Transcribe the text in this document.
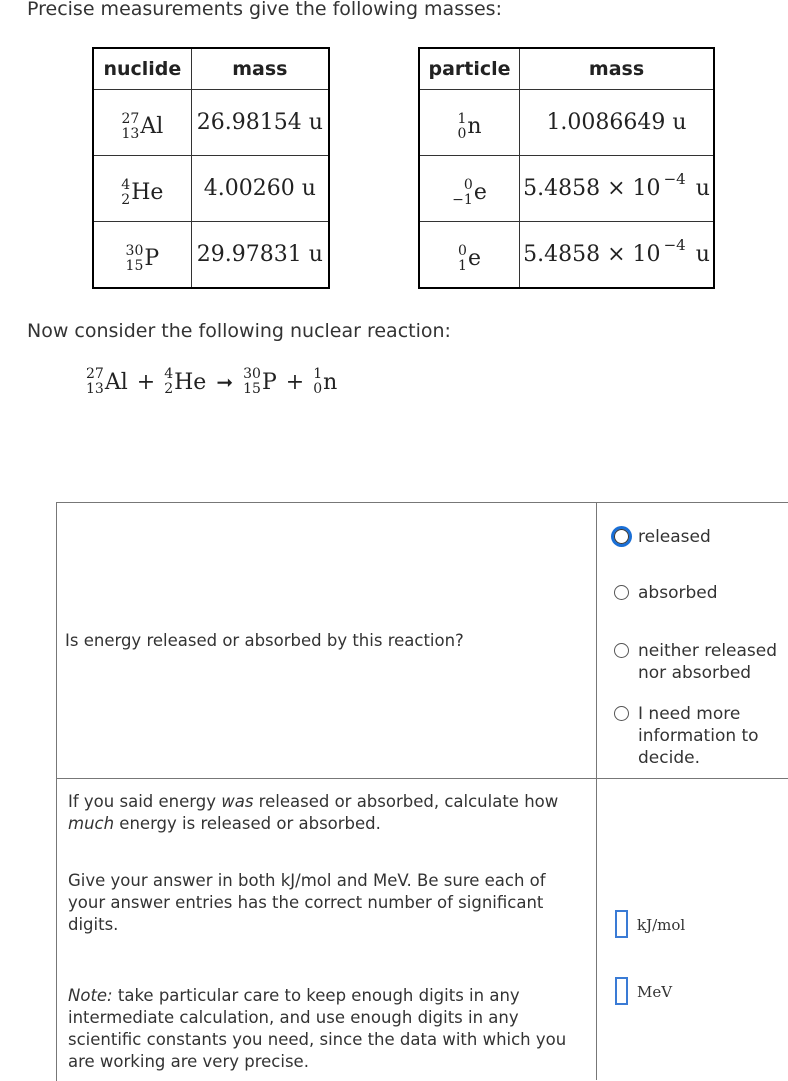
Precise measurements give the following masses:
nuclide	mass

27
13 Al	26.98154 u

4
2 He	4.00260 u

30
15 P	29.97831 u
particle	mass

1
0 n	1.0086649 u

0
−1 e	$5.4858 \times 10^{-4}$ u

0
1 e	$5.4858 \times 10^{-4}$ u
Now consider the following nuclear reaction:
27
13 Al + 4
2 He ➞ 30
15 P + 1
0 n
Is energy released or absorbed by this reaction?
released
absorbed
neither released nor absorbed
I need more information to decide.
If you said energy was released or absorbed, calculate how much energy is released or absorbed.
Give your answer in both kJ/mol and MeV. Be sure each of your answer entries has the correct number of significant digits.
Note: take particular care to keep enough digits in any intermediate calculation, and use enough digits in any scientific constants you need, since the data with which you are working are very precise.
kJ/mol
MeV
